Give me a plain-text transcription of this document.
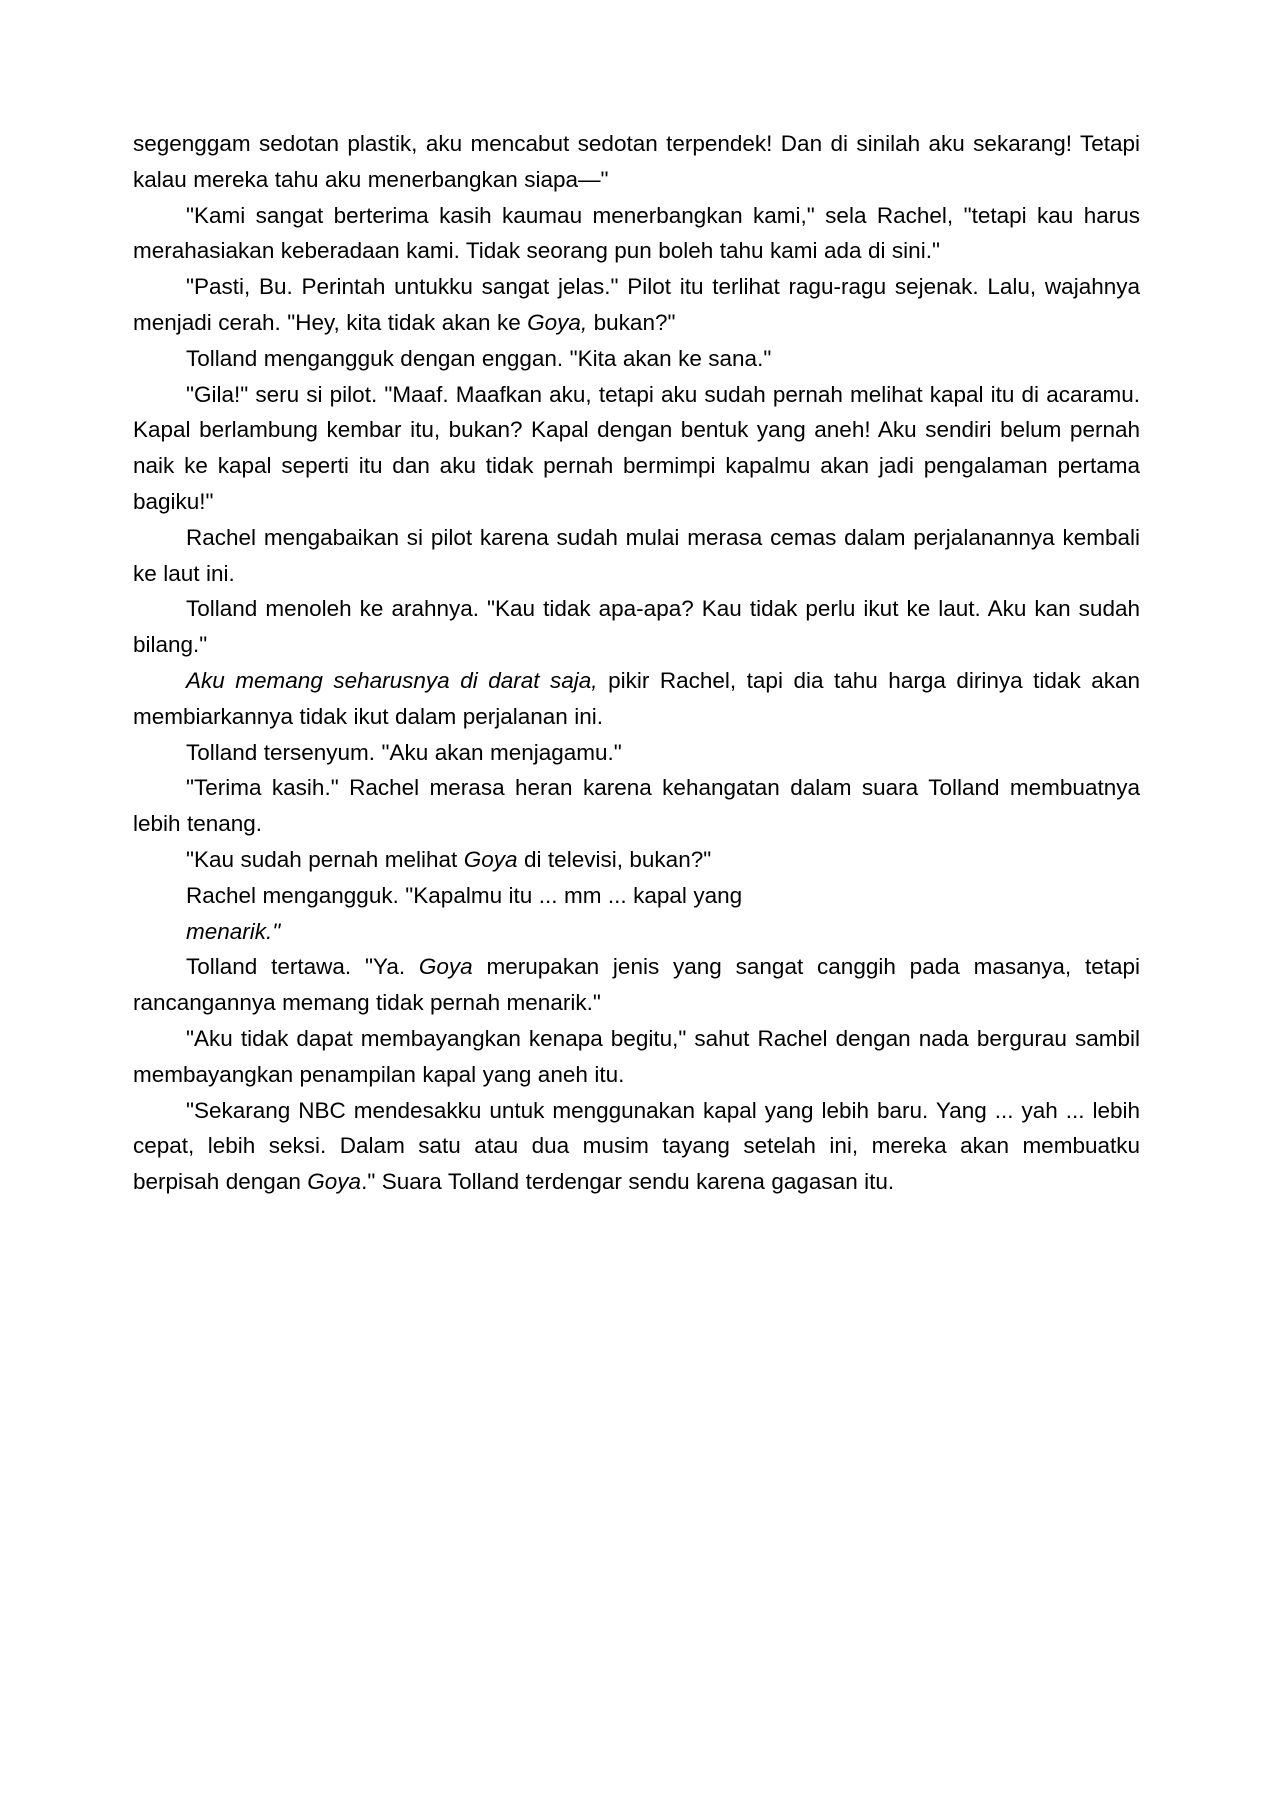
segenggam sedotan plastik, aku mencabut sedotan terpendek! Dan di sinilah aku sekarang! Tetapi kalau mereka tahu aku menerbangkan siapa—"

"Kami sangat berterima kasih kaumau menerbangkan kami," sela Rachel, "tetapi kau harus merahasiakan keberadaan kami. Tidak seorang pun boleh tahu kami ada di sini."

"Pasti, Bu. Perintah untukku sangat jelas." Pilot itu terlihat ragu-ragu sejenak. Lalu, wajahnya menjadi cerah. "Hey, kita tidak akan ke Goya, bukan?"

Tolland mengangguk dengan enggan. "Kita akan ke sana."

"Gila!" seru si pilot. "Maaf. Maafkan aku, tetapi aku sudah pernah melihat kapal itu di acaramu. Kapal berlambung kembar itu, bukan? Kapal dengan bentuk yang aneh! Aku sendiri belum pernah naik ke kapal seperti itu dan aku tidak pernah bermimpi kapalmu akan jadi pengalaman pertama bagiku!"

Rachel mengabaikan si pilot karena sudah mulai merasa cemas dalam perjalanannya kembali ke laut ini.

Tolland menoleh ke arahnya. "Kau tidak apa-apa? Kau tidak perlu ikut ke laut. Aku kan sudah bilang."

Aku memang seharusnya di darat saja, pikir Rachel, tapi dia tahu harga dirinya tidak akan membiarkannya tidak ikut dalam perjalanan ini.

Tolland tersenyum. "Aku akan menjagamu."

"Terima kasih." Rachel merasa heran karena kehangatan dalam suara Tolland membuatnya lebih tenang.

"Kau sudah pernah melihat Goya di televisi, bukan?"

Rachel mengangguk. "Kapalmu itu ... mm ... kapal yang

menarik."

Tolland tertawa. "Ya. Goya merupakan jenis yang sangat canggih pada masanya, tetapi rancangannya memang tidak pernah menarik."

"Aku tidak dapat membayangkan kenapa begitu," sahut Rachel dengan nada bergurau sambil membayangkan penampilan kapal yang aneh itu.

"Sekarang NBC mendesakku untuk menggunakan kapal yang lebih baru. Yang ... yah ... lebih cepat, lebih seksi. Dalam satu atau dua musim tayang setelah ini, mereka akan membuatku berpisah dengan Goya." Suara Tolland terdengar sendu karena gagasan itu.
